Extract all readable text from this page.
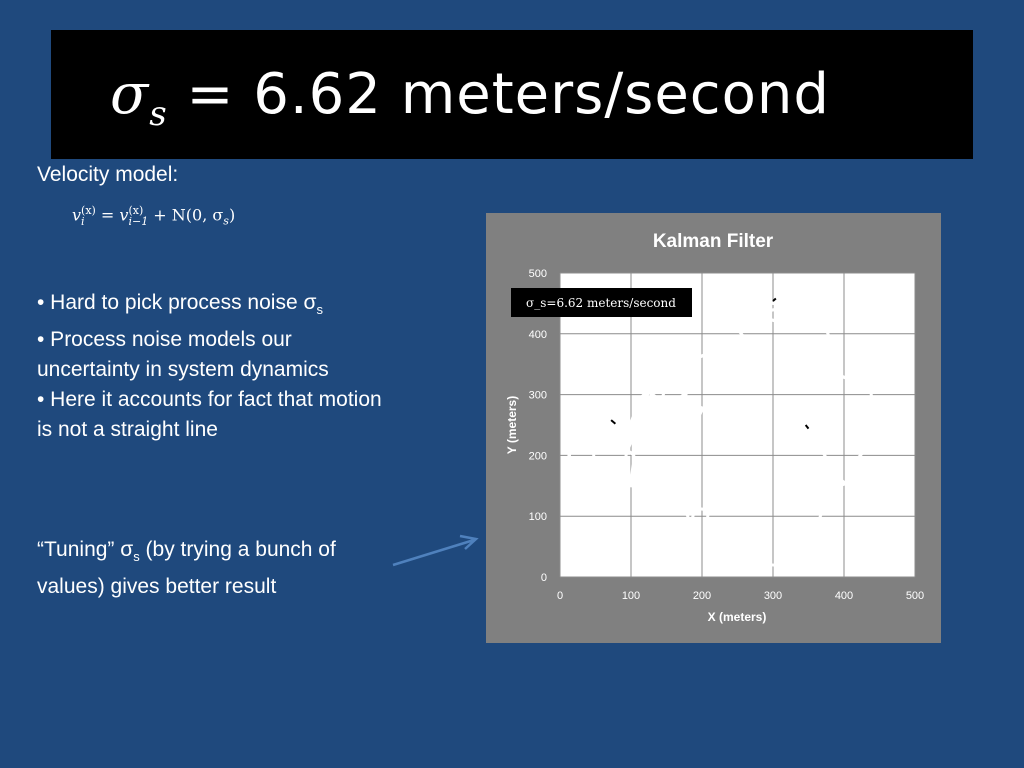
$\sigma_s = 6.62$ meters/second
Velocity model:
v (x)
i = v (x)
i−1 + N(0, $\sigma_s$)
• Hard to pick process noise $\sigma_s$
• Process noise models our uncertainty in system dynamics
• Here it accounts for fact that motion is not a straight line
“Tuning” $\sigma_s$ (by trying a bunch of values) gives better result	0	100	200	300	400	500
0
100
200
300
400
500
Kalman Filter
X (meters)
Y (meters)
σ_s=6.62 meters/second
